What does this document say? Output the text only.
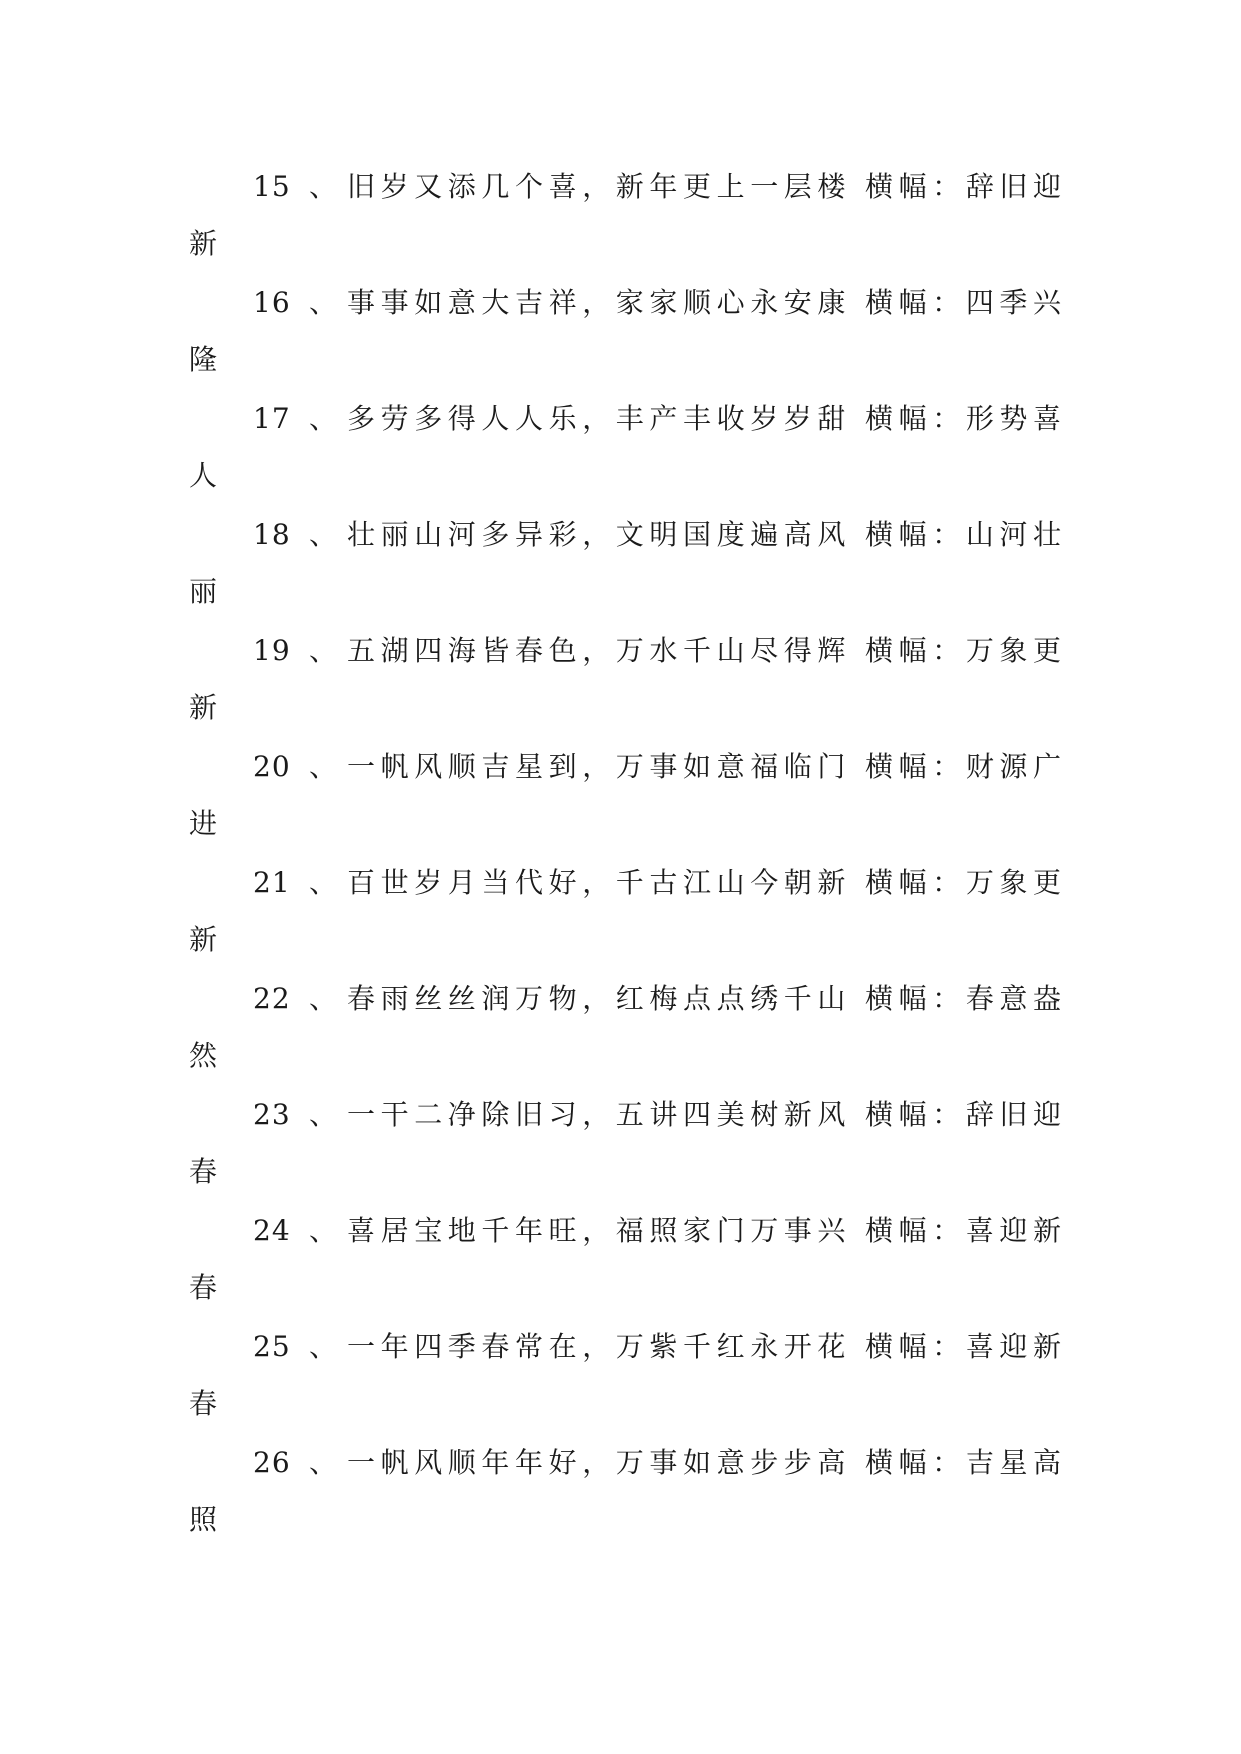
15 、 旧岁又添几个喜，新年更上一层楼 横幅：辞旧迎
新
16 、 事事如意大吉祥，家家顺心永安康 横幅：四季兴
隆
17 、 多劳多得人人乐，丰产丰收岁岁甜 横幅：形势喜
人
18 、 壮丽山河多异彩，文明国度遍高风 横幅：山河壮
丽
19 、 五湖四海皆春色，万水千山尽得辉 横幅：万象更
新
20 、 一帆风顺吉星到，万事如意福临门 横幅：财源广
进
21 、 百世岁月当代好，千古江山今朝新 横幅：万象更
新
22 、 春雨丝丝润万物，红梅点点绣千山 横幅：春意盎
然
23 、 一干二净除旧习，五讲四美树新风 横幅：辞旧迎
春
24 、 喜居宝地千年旺，福照家门万事兴 横幅：喜迎新
春
25 、 一年四季春常在，万紫千红永开花 横幅：喜迎新
春
26 、 一帆风顺年年好，万事如意步步高 横幅：吉星高
照
